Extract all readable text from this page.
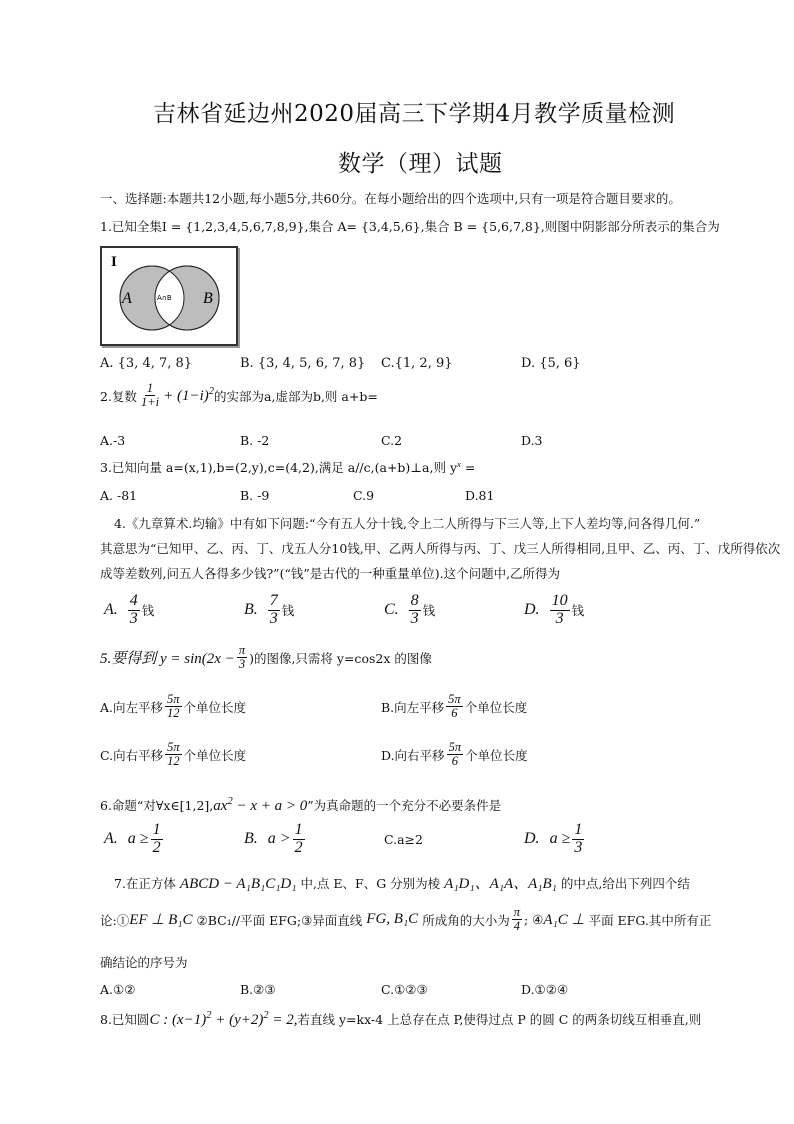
吉林省延边州2020届高三下学期4月教学质量检测
数学（理）试题
一、选择题:本题共12小题,每小题5分,共60分。在每小题给出的四个选项中,只有一项是符合题目要求的。
1.已知全集I = {1,2,3,4,5,6,7,8,9},集合 A= {3,4,5,6},集合 B = {5,6,7,8},则图中阴影部分所表示的集合为
I
A	B
A∩B
A. {3, 4, 7, 8}	B. {3, 4, 5, 6, 7, 8} C.{1, 2, 9}	D. {5, 6}
2.复数 $\frac{1}{1+i} + (1-i)^2$ 的实部为a,虚部为b,则 a+b=
A.-3	B. -2	C.2	D.3
3.已知向量 a=(x,1),b=(2,y),c=(4,2),满足 a//c,(a+b)⊥a,则 $y^x$ =
A. -81	B. -9	C.9	D.81
4.《九章算术.均输》中有如下问题:“今有五人分十钱,令上二人所得与下三人等,上下人差均等,问各得几何.”
其意思为“已知甲、乙、丙、丁、戊五人分10钱,甲、乙两人所得与丙、丁、戊三人所得相同,且甲、乙、丙、丁、戊所得依次
成等差数列,问五人各得多少钱?”(“钱”是古代的一种重量单位).这个问题中,乙所得为
A. $\frac{4}{3}$ 钱	B. $\frac{7}{3}$ 钱	C. $\frac{8}{3}$ 钱	D. $\frac{10}{3}$ 钱
5.要得到 $y = \sin(2x - \frac{\pi}{3}$ )的图像,只需将 y=cos2x 的图像
A.向左平移 $\frac{5\pi}{12}$ 个单位长度	B.向左平移 $\frac{5\pi}{6}$ 个单位长度
C.向右平移 $\frac{5\pi}{12}$ 个单位长度	D.向右平移 $\frac{5\pi}{6}$ 个单位长度
6.命题“对$\forall x\in[1,2],ax^2 - x + a > 0$”为真命题的一个充分不必要条件是
A. $a \ge \frac{1}{2}$	B. $a > \frac{1}{2}$	C.a≥2	D. $a \ge \frac{1}{3}$
7.在正方体 ABCD − A₁B₁C₁D₁ 中,点 E、F、G 分别为棱 A₁D₁、A₁A、A₁B₁ 的中点,给出下列四个结
论:① EF ⊥ B₁C ②BC₁//平面 EFG;③异面直线 FG, B₁C 所成角的大小为 $\frac{\pi}{4}$ ; ④ A₁C ⊥ 平面 EFG.其中所有正
确结论的序号为
A.①②	B.②③	C.①②③	D.①②④
8.已知圆C : $(x-1)^2 + (y+2)^2 = 2$,若直线 y=kx-4 上总存在点 P,使得过点 P 的圆 C 的两条切线互相垂直,则
